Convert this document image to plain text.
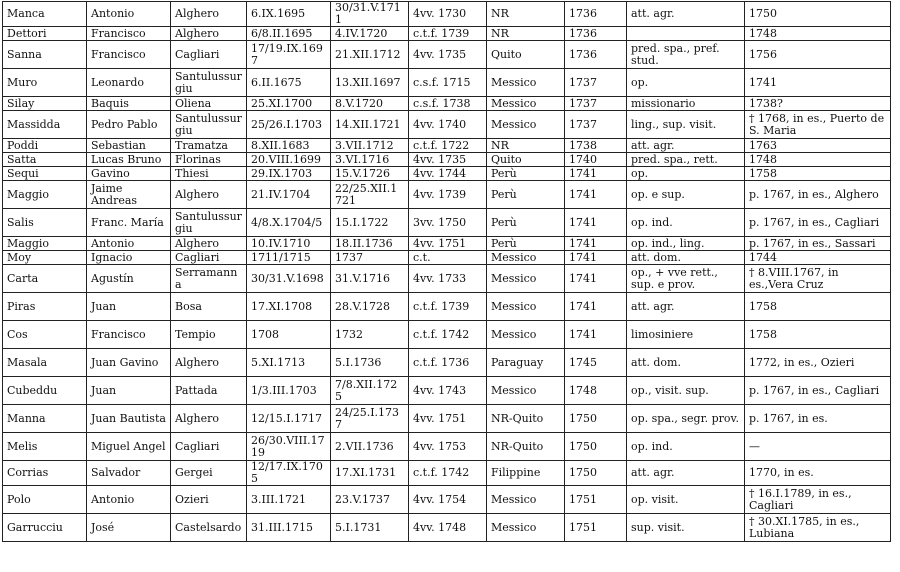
Manca	Antonio	Alghero	6.IX.1695	30/31.V.1711	4vv. 1730	NR	1736	att. agr.	1750
Dettori	Francisco	Alghero	6/8.II.1695	4.IV.1720	c.t.f. 1739	NR	1736		1748
Sanna	Francisco	Cagliari	17/19.IX.1697	21.XII.1712	4vv. 1735	Quito	1736	pred. spa., pref. stud.	1756
Muro	Leonardo	Santulussurgiu	6.II.1675	13.XII.1697	c.s.f. 1715	Messico	1737	op.	1741
Silay	Baquis	Oliena	25.XI.1700	8.V.1720	c.s.f. 1738	Messico	1737	missionario	1738?
Massidda	Pedro Pablo	Santulussurgiu	25/26.I.1703	14.XII.1721	4vv. 1740	Messico	1737	ling., sup. visit.	† 1768, in es., Puerto de S. Maria
Poddi	Sebastian	Tramatza	8.XII.1683	3.VII.1712	c.t.f. 1722	NR	1738	att. agr.	1763
Satta	Lucas Bruno	Florinas	20.VIII.1699	3.VI.1716	4vv. 1735	Quito	1740	pred. spa., rett.	1748
Sequi	Gavino	Thiesi	29.IX.1703	15.V.1726	4vv. 1744	Perù	1741	op.	1758
Maggio	Jaime Andreas	Alghero	21.IV.1704	22/25.XII.1721	4vv. 1739	Perù	1741	op. e sup.	p. 1767, in es., Alghero
Salis	Franc. María	Santulussurgiu	4/8.X.1704/5	15.I.1722	3vv. 1750	Perù	1741	op. ind.	p. 1767, in es., Cagliari
Maggio	Antonio	Alghero	10.IV.1710	18.II.1736	4vv. 1751	Perù	1741	op. ind., ling.	p. 1767, in es., Sassari
Moy	Ignacio	Cagliari	1711/1715	1737	c.t.	Messico	1741	att. dom.	1744
Carta	Agustín	Serramanna	30/31.V.1698	31.V.1716	4vv. 1733	Messico	1741	op., + vve rett., sup. e prov.	† 8.VIII.1767, in es.,Vera Cruz
Piras	Juan	Bosa	17.XI.1708	28.V.1728	c.t.f. 1739	Messico	1741	att. agr.	1758
Cos	Francisco	Tempio	1708	1732	c.t.f. 1742	Messico	1741	limosiniere	1758
Masala	Juan Gavino	Alghero	5.XI.1713	5.I.1736	c.t.f. 1736	Paraguay	1745	att. dom.	1772, in es., Ozieri
Cubeddu	Juan	Pattada	1/3.III.1703	7/8.XII.1725	4vv. 1743	Messico	1748	op., visit. sup.	p. 1767, in es., Cagliari
Manna	Juan Bautista	Alghero	12/15.I.1717	24/25.I.1737	4vv. 1751	NR-Quito	1750	op. spa., segr. prov.	p. 1767, in es.
Melis	Miguel Angel	Cagliari	26/30.VIII.1719	2.VII.1736	4vv. 1753	NR-Quito	1750	op. ind.	—
Corrias	Salvador	Gergei	12/17.IX.1705	17.XI.1731	c.t.f. 1742	Filippine	1750	att. agr.	1770, in es.
Polo	Antonio	Ozieri	3.III.1721	23.V.1737	4vv. 1754	Messico	1751	op. visit.	† 16.I.1789, in es., Cagliari
Garrucciu	José	Castelsardo	31.III.1715	5.I.1731	4vv. 1748	Messico	1751	sup. visit.	† 30.XI.1785, in es., Lubiana
